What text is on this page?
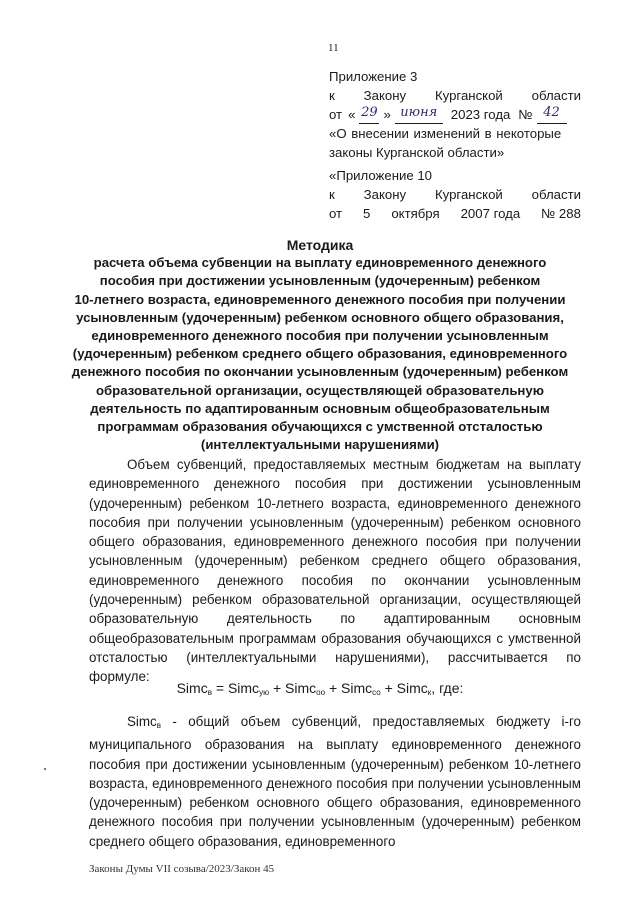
11
Приложение 3
к Закону Курганской области
от « 29 » июня	2023 года № 42
«О внесении изменений в некоторые
законы Курганской области»
«Приложение 10
к Закону Курганской области
от 5 октября 2007 года № 288
Методика
расчета объема субвенции на выплату единовременного денежного
пособия при достижении усыновленным (удочеренным) ребенком
10-летнего возраста, единовременного денежного пособия при получении
усыновленным (удочеренным) ребенком основного общего образования,
единовременного денежного пособия при получении усыновленным
(удочеренным) ребенком среднего общего образования, единовременного
денежного пособия по окончании усыновленным (удочеренным) ребенком
образовательной организации, осуществляющей образовательную
деятельность по адаптированным основным общеобразовательным
программам образования обучающихся с умственной отсталостью
(интеллектуальными нарушениями)
Объем субвенций, предоставляемых местным бюджетам на выплату единовременного денежного пособия при достижении усыновленным (удочеренным) ребенком 10-летнего возраста, единовременного денежного пособия при получении усыновленным (удочеренным) ребенком основного общего образования, единовременного денежного пособия при получении усыновленным (удочеренным) ребенком среднего общего образования, единовременного денежного пособия по окончании усыновленным (удочеренным) ребенком образовательной организации, осуществляющей образовательную деятельность по адаптированным основным общеобразовательным программам образования обучающихся с умственной отсталостью (интеллектуальными нарушениями), рассчитывается по формуле:
Simc$_в$ = Simc$_{ую}$ + Simc$_{оо}$ + Simc$_{со}$ + Simc$_к$, где:
Simc$_в$ - общий объем субвенций, предоставляемых бюджету i-го муниципального образования на выплату единовременного денежного пособия при достижении усыновленным (удочеренным) ребенком 10-летнего возраста, единовременного денежного пособия при получении усыновленным (удочеренным) ребенком основного общего образования, единовременного денежного пособия при получении усыновленным (удочеренным) ребенком среднего общего образования, единовременного
Законы Думы VII созыва/2023/Закон 45
